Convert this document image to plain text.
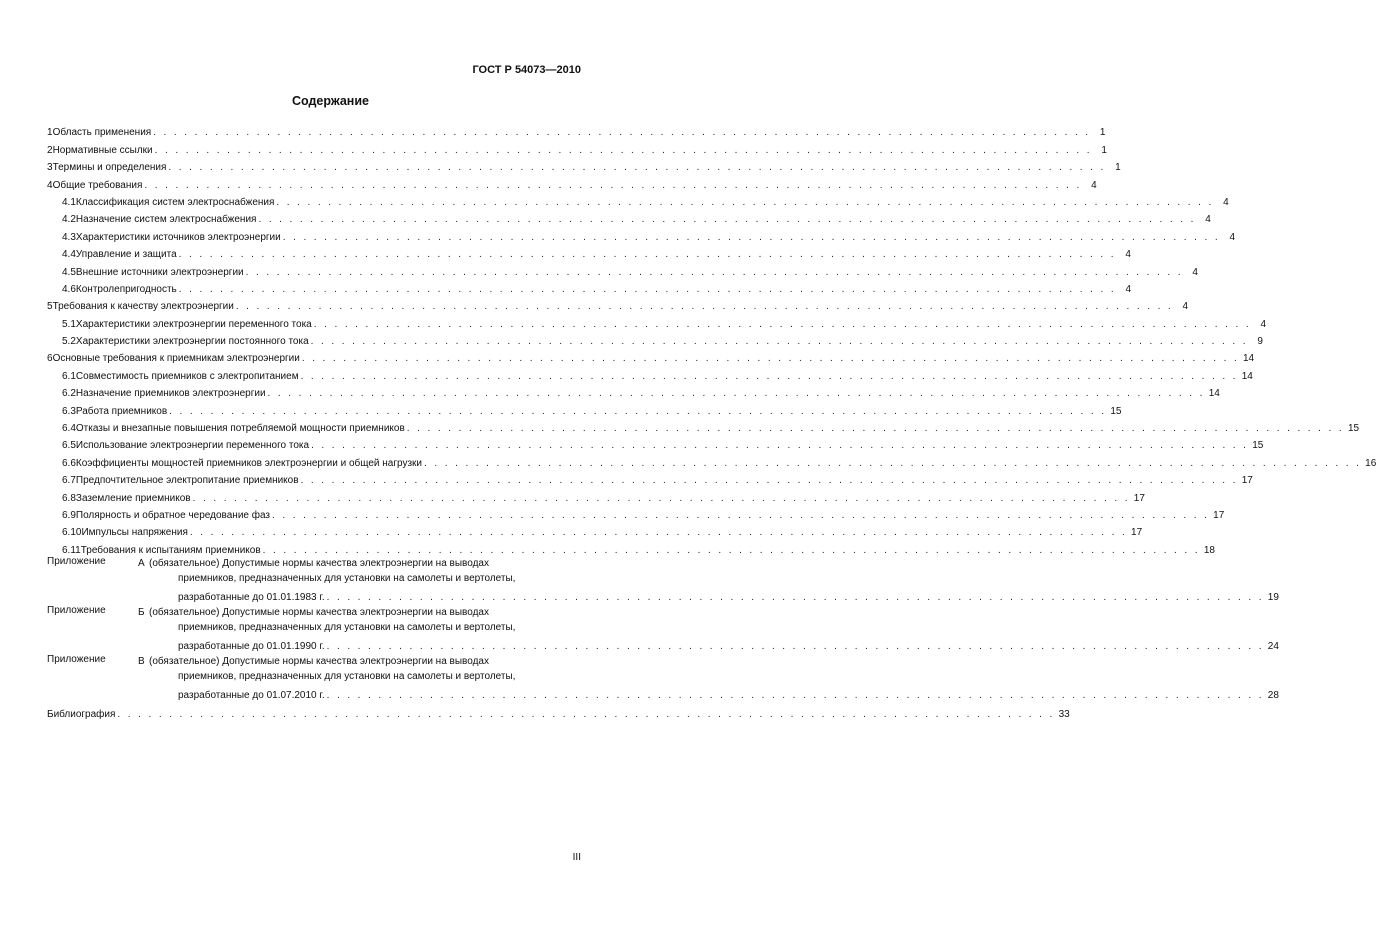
ГОСТ Р 54073—2010
Содержание
1 Область применения . . .	1
2 Нормативные ссылки . . .	1
3 Термины и определения . . .	1
4 Общие требования . . .	4
4.1 Классификация систем электроснабжения . . .	4
4.2 Назначение систем электроснабжения . . .	4
4.3 Характеристики источников электроэнергии . . .	4
4.4 Управление и защита . . .	4
4.5 Внешние источники электроэнергии . . .	4
4.6 Контролепригодность . . .	4
5 Требования к качеству электроэнергии . . .	4
5.1 Характеристики электроэнергии переменного тока . . .	4
5.2 Характеристики электроэнергии постоянного тока . . .	9
6 Основные требования к приемникам электроэнергии . . .	14
6.1 Совместимость приемников с электропитанием . . .	14
6.2 Назначение приемников электроэнергии . . .	14
6.3 Работа приемников . . .	15
6.4 Отказы и внезапные повышения потребляемой мощности приемников . . .	15
6.5 Использование электроэнергии переменного тока . . .	15
6.6 Коэффициенты мощностей приемников электроэнергии и общей нагрузки . . .	16
6.7 Предпочтительное электропитание приемников . . .	17
6.8 Заземление приемников . . .	17
6.9 Полярность и обратное чередование фаз . . .	17
6.10 Импульсы напряжения . . .	17
6.11 Требования к испытаниям приемников . . .	18
Приложение	А (обязательное) Допустимые нормы качества электроэнергии на выводах
приемников, предназначенных для установки на самолеты и вертолеты,
разработанные до 01.01.1983 г. . . .	19
Приложение	Б (обязательное) Допустимые нормы качества электроэнергии на выводах
приемников, предназначенных для установки на самолеты и вертолеты,
разработанные до 01.01.1990 г. . . .	24
Приложение	В (обязательное) Допустимые нормы качества электроэнергии на выводах
приемников, предназначенных для установки на самолеты и вертолеты,
разработанные до 01.07.2010 г. . . .	28
Библиография . . .	33
III
